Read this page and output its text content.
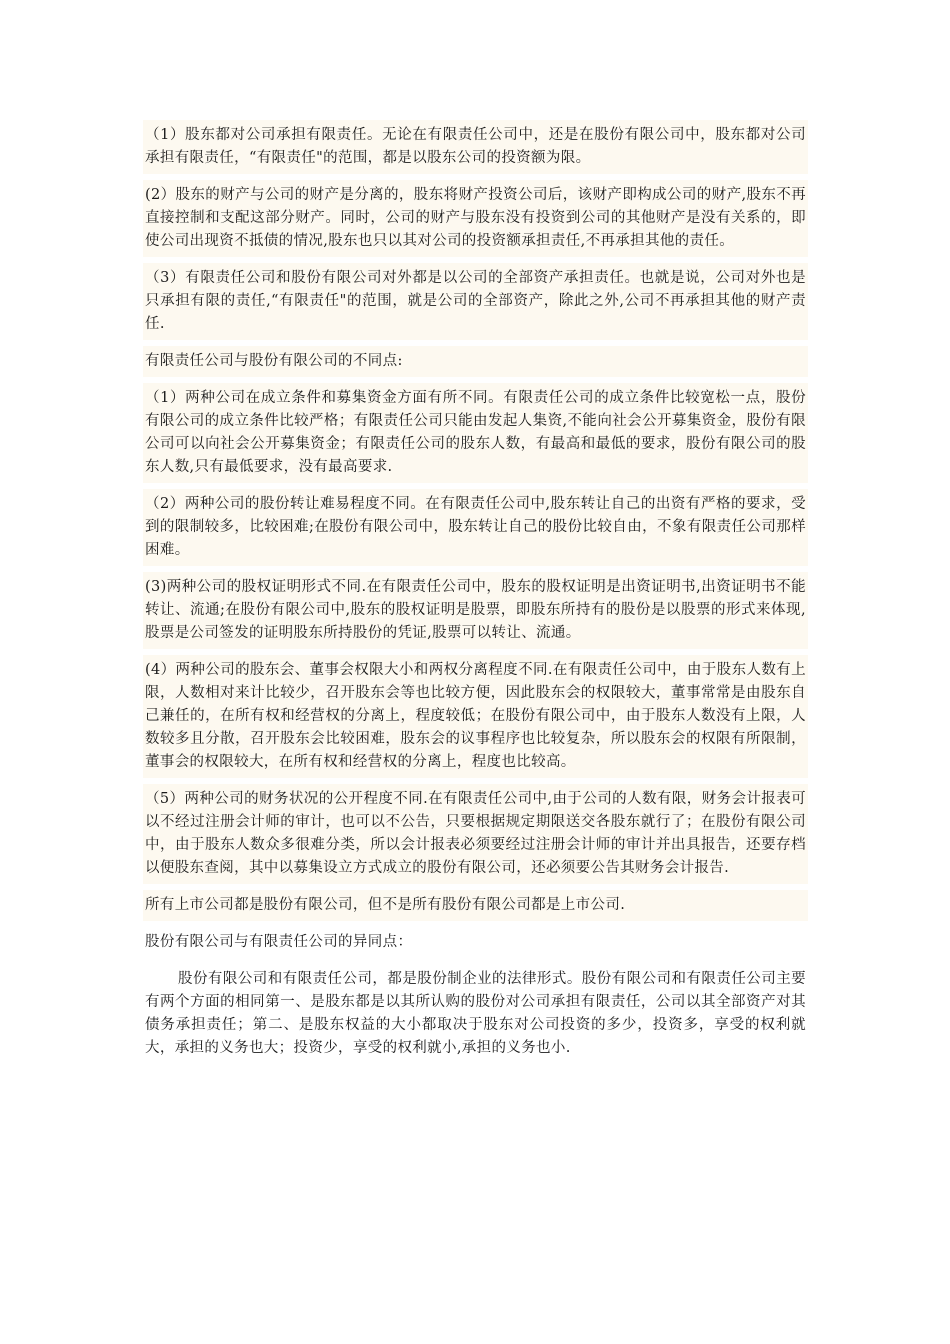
（1）股东都对公司承担有限责任。无论在有限责任公司中，还是在股份有限公司中，股东都对公司承担有限责任，“有限责任"的范围，都是以股东公司的投资额为限。

(2）股东的财产与公司的财产是分离的，股东将财产投资公司后，该财产即构成公司的财产,股东不再直接控制和支配这部分财产。同时，公司的财产与股东没有投资到公司的其他财产是没有关系的，即使公司出现资不抵债的情况,股东也只以其对公司的投资额承担责任,不再承担其他的责任。

（3）有限责任公司和股份有限公司对外都是以公司的全部资产承担责任。也就是说，公司对外也是只承担有限的责任,“有限责任"的范围，就是公司的全部资产，除此之外,公司不再承担其他的财产责任.

有限责任公司与股份有限公司的不同点:

（1）两种公司在成立条件和募集资金方面有所不同。有限责任公司的成立条件比较宽松一点，股份有限公司的成立条件比较严格；有限责任公司只能由发起人集资,不能向社会公开募集资金，股份有限公司可以向社会公开募集资金；有限责任公司的股东人数，有最高和最低的要求，股份有限公司的股东人数,只有最低要求，没有最高要求.

（2）两种公司的股份转让难易程度不同。在有限责任公司中,股东转让自己的出资有严格的要求，受到的限制较多，比较困难;在股份有限公司中，股东转让自己的股份比较自由，不象有限责任公司那样困难。

(3)两种公司的股权证明形式不同.在有限责任公司中，股东的股权证明是出资证明书,出资证明书不能转让、流通;在股份有限公司中,股东的股权证明是股票，即股东所持有的股份是以股票的形式来体现,股票是公司签发的证明股东所持股份的凭证,股票可以转让、流通。

(4）两种公司的股东会、董事会权限大小和两权分离程度不同.在有限责任公司中，由于股东人数有上限，人数相对来计比较少，召开股东会等也比较方便，因此股东会的权限较大，董事常常是由股东自己兼任的，在所有权和经营权的分离上，程度较低；在股份有限公司中，由于股东人数没有上限，人数较多且分散，召开股东会比较困难，股东会的议事程序也比较复杂，所以股东会的权限有所限制，董事会的权限较大，在所有权和经营权的分离上，程度也比较高。

（5）两种公司的财务状况的公开程度不同.在有限责任公司中,由于公司的人数有限，财务会计报表可以不经过注册会计师的审计，也可以不公告，只要根据规定期限送交各股东就行了；在股份有限公司中，由于股东人数众多很难分类，所以会计报表必须要经过注册会计师的审计并出具报告，还要存档以便股东查阅，其中以募集设立方式成立的股份有限公司，还必须要公告其财务会计报告.

所有上市公司都是股份有限公司，但不是所有股份有限公司都是上市公司.

股份有限公司与有限责任公司的异同点：

股份有限公司和有限责任公司，都是股份制企业的法律形式。股份有限公司和有限责任公司主要有两个方面的相同第一、是股东都是以其所认购的股份对公司承担有限责任，公司以其全部资产对其债务承担责任；第二、是股东权益的大小都取决于股东对公司投资的多少，投资多，享受的权利就大，承担的义务也大；投资少，享受的权利就小,承担的义务也小.
